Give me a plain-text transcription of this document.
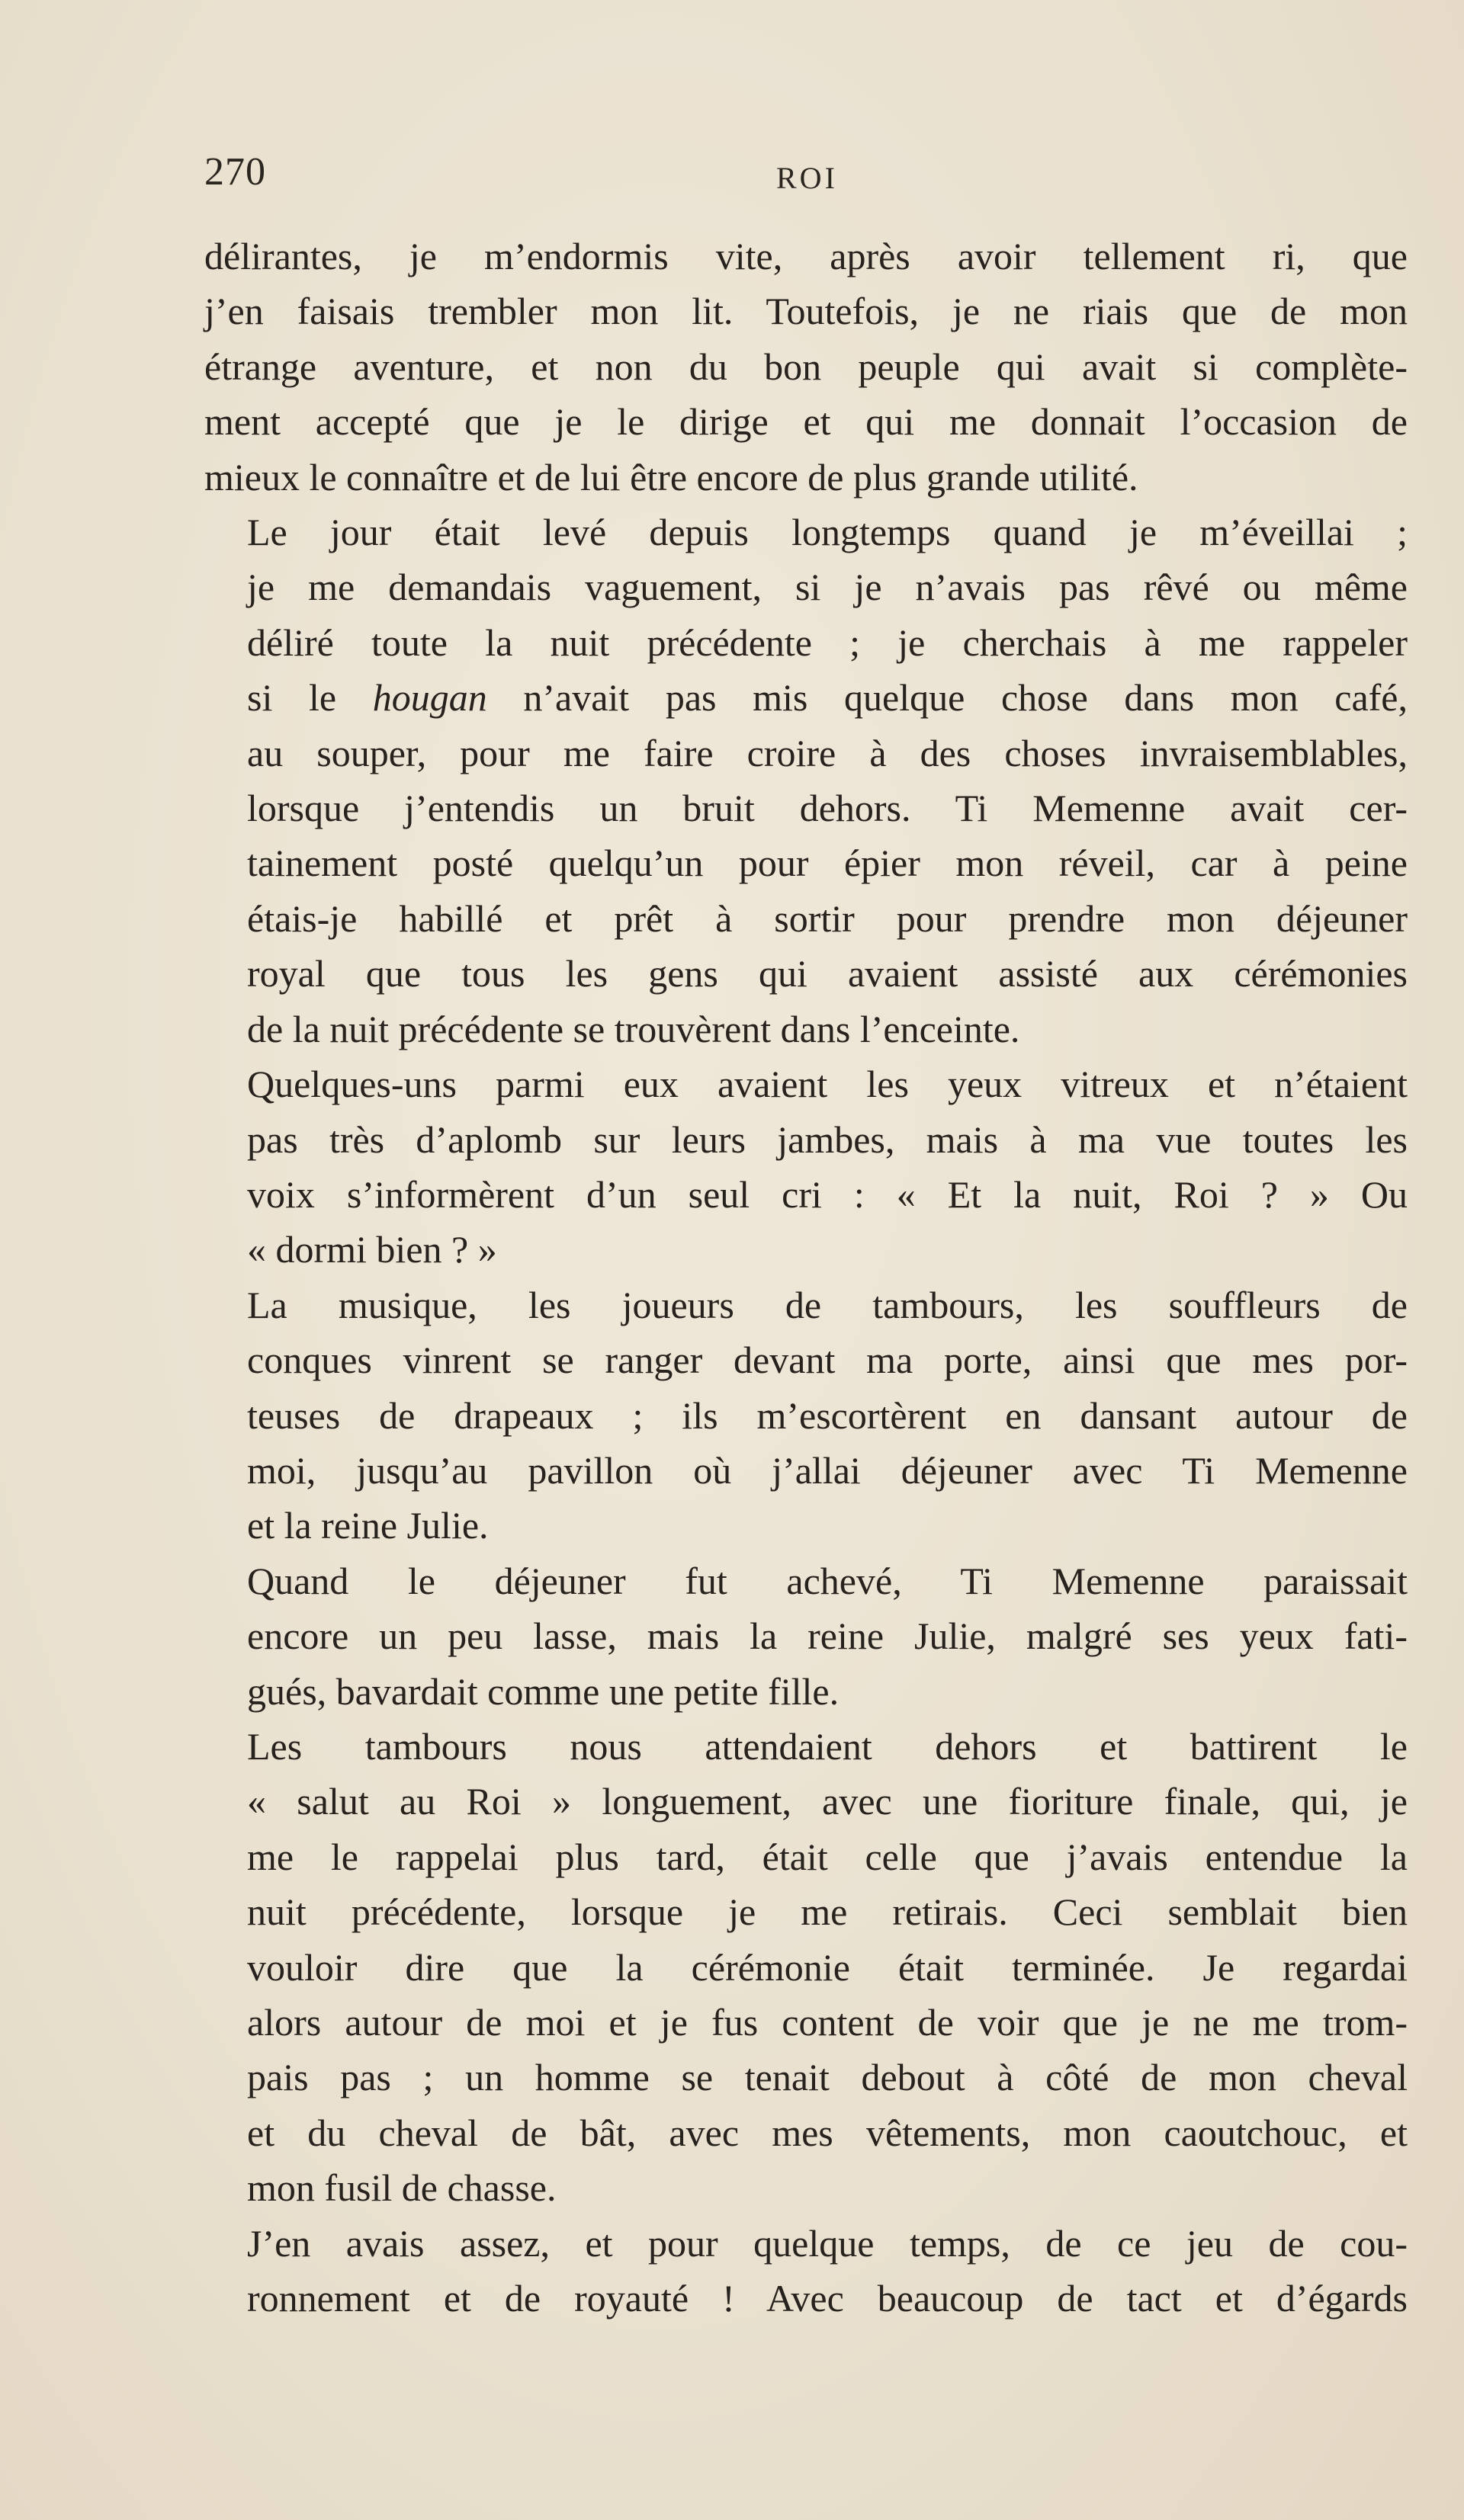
270	ROI

délirantes, je m’endormis vite, après avoir tellement ri, que
j’en faisais trembler mon lit. Toutefois, je ne riais que de mon
étrange aventure, et non du bon peuple qui avait si complète-
ment accepté que je le dirige et qui me donnait l’occasion de
mieux le connaître et de lui être encore de plus grande utilité.

Le jour était levé depuis longtemps quand je m’éveillai ;
je me demandais vaguement, si je n’avais pas rêvé ou même
déliré toute la nuit précédente ; je cherchais à me rappeler
si le hougan n’avait pas mis quelque chose dans mon café,
au souper, pour me faire croire à des choses invraisemblables,
lorsque j’entendis un bruit dehors. Ti Memenne avait cer-
tainement posté quelqu’un pour épier mon réveil, car à peine
étais-je habillé et prêt à sortir pour prendre mon déjeuner
royal que tous les gens qui avaient assisté aux cérémonies
de la nuit précédente se trouvèrent dans l’enceinte.

Quelques-uns parmi eux avaient les yeux vitreux et n’étaient
pas très d’aplomb sur leurs jambes, mais à ma vue toutes les
voix s’informèrent d’un seul cri : « Et la nuit, Roi ? » Ou
« dormi bien ? »

La musique, les joueurs de tambours, les souffleurs de
conques vinrent se ranger devant ma porte, ainsi que mes por-
teuses de drapeaux ; ils m’escortèrent en dansant autour de
moi, jusqu’au pavillon où j’allai déjeuner avec Ti Memenne
et la reine Julie.

Quand le déjeuner fut achevé, Ti Memenne paraissait
encore un peu lasse, mais la reine Julie, malgré ses yeux fati-
gués, bavardait comme une petite fille.

Les tambours nous attendaient dehors et battirent le
« salut au Roi » longuement, avec une fioriture finale, qui, je
me le rappelai plus tard, était celle que j’avais entendue la
nuit précédente, lorsque je me retirais. Ceci semblait bien
vouloir dire que la cérémonie était terminée. Je regardai
alors autour de moi et je fus content de voir que je ne me trom-
pais pas ; un homme se tenait debout à côté de mon cheval
et du cheval de bât, avec mes vêtements, mon caoutchouc, et
mon fusil de chasse.

J’en avais assez, et pour quelque temps, de ce jeu de cou-
ronnement et de royauté ! Avec beaucoup de tact et d’égards
